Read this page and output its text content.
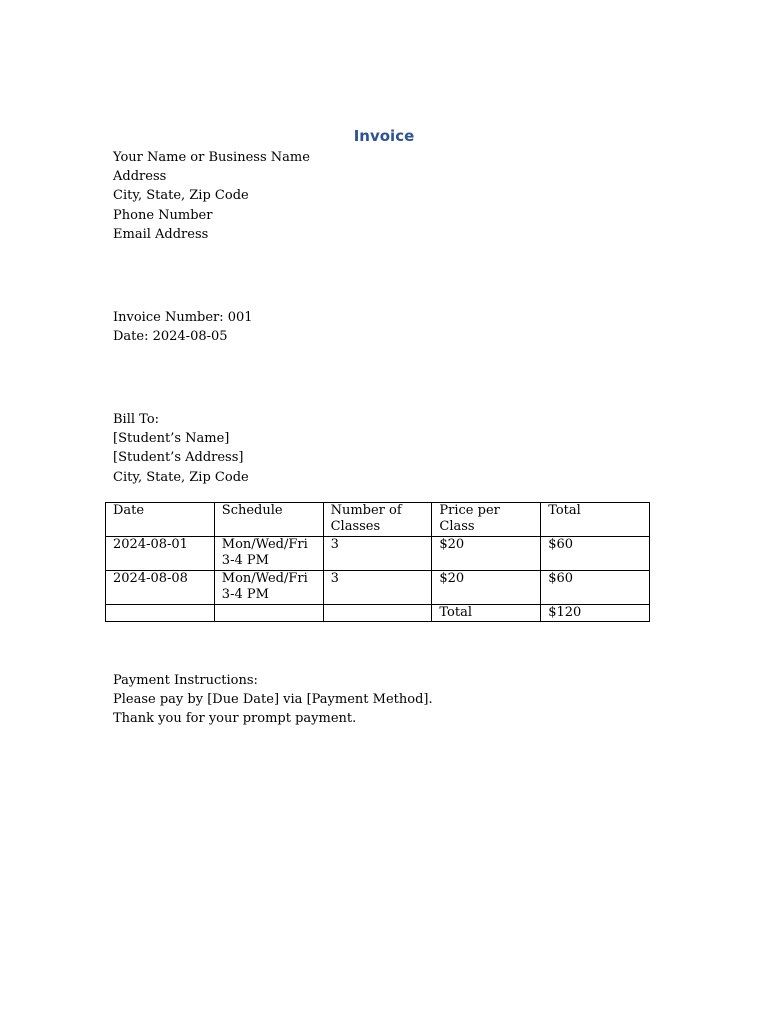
Invoice
Your Name or Business Name
Address
City, State, Zip Code
Phone Number
Email Address
Invoice Number: 001
Date: 2024-08-05
Bill To:
[Student’s Name]
[Student’s Address]
City, State, Zip Code
Date	Schedule	Number of Classes	Price per Class	Total
2024-08-01	Mon/Wed/Fri 3-4 PM	3	$20	$60
2024-08-08	Mon/Wed/Fri 3-4 PM	3	$20	$60
			Total	$120
Payment Instructions:
Please pay by [Due Date] via [Payment Method].
Thank you for your prompt payment.
